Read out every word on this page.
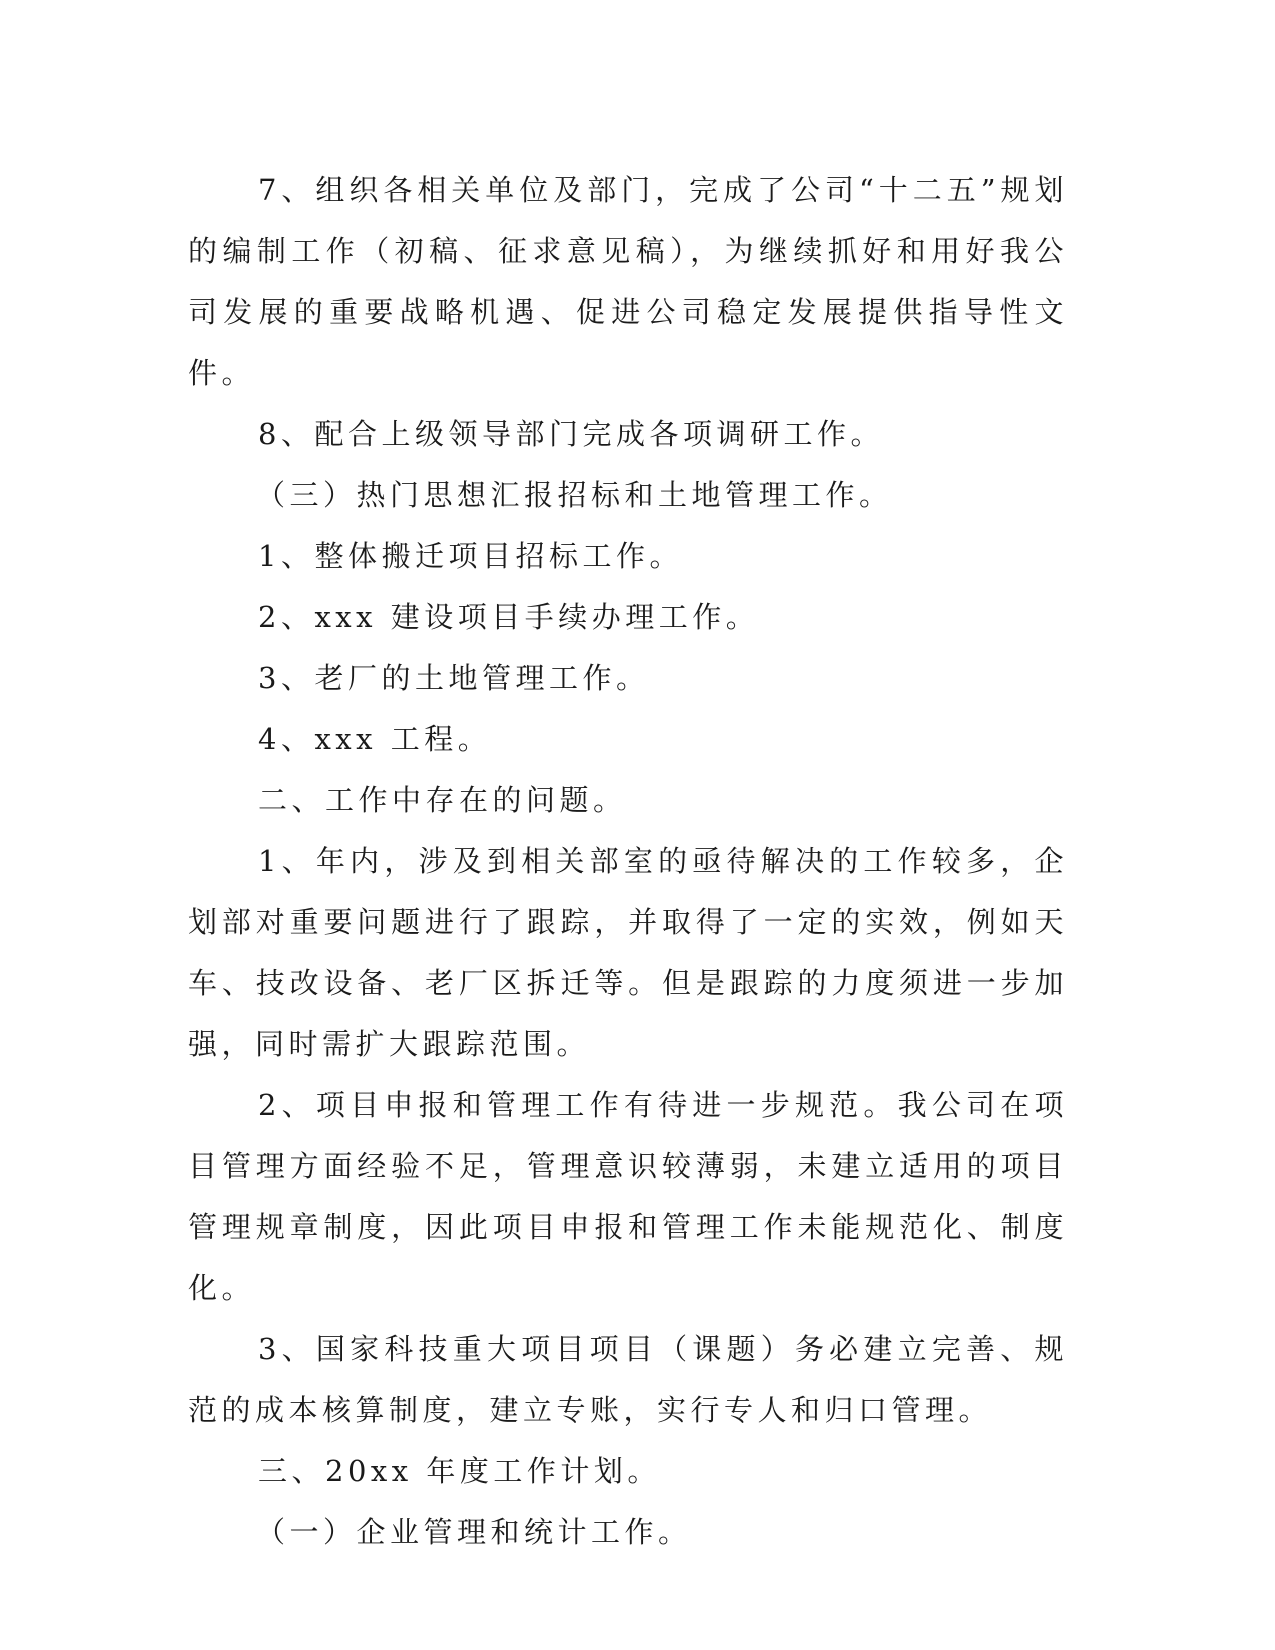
7、组织各相关单位及部门，完成了公司“十二五”规划的编制工作（初稿、征求意见稿），为继续抓好和用好我公司发展的重要战略机遇、促进公司稳定发展提供指导性文件。

8、配合上级领导部门完成各项调研工作。

（三）热门思想汇报招标和土地管理工作。

1、整体搬迁项目招标工作。

2、xxx 建设项目手续办理工作。

3、老厂的土地管理工作。

4、xxx 工程。

二、工作中存在的问题。

1、年内，涉及到相关部室的亟待解决的工作较多，企划部对重要问题进行了跟踪，并取得了一定的实效，例如天车、技改设备、老厂区拆迁等。但是跟踪的力度须进一步加强，同时需扩大跟踪范围。

2、项目申报和管理工作有待进一步规范。我公司在项目管理方面经验不足，管理意识较薄弱，未建立适用的项目管理规章制度，因此项目申报和管理工作未能规范化、制度化。

3、国家科技重大项目项目（课题）务必建立完善、规范的成本核算制度，建立专账，实行专人和归口管理。

三、20xx 年度工作计划。

（一）企业管理和统计工作。
